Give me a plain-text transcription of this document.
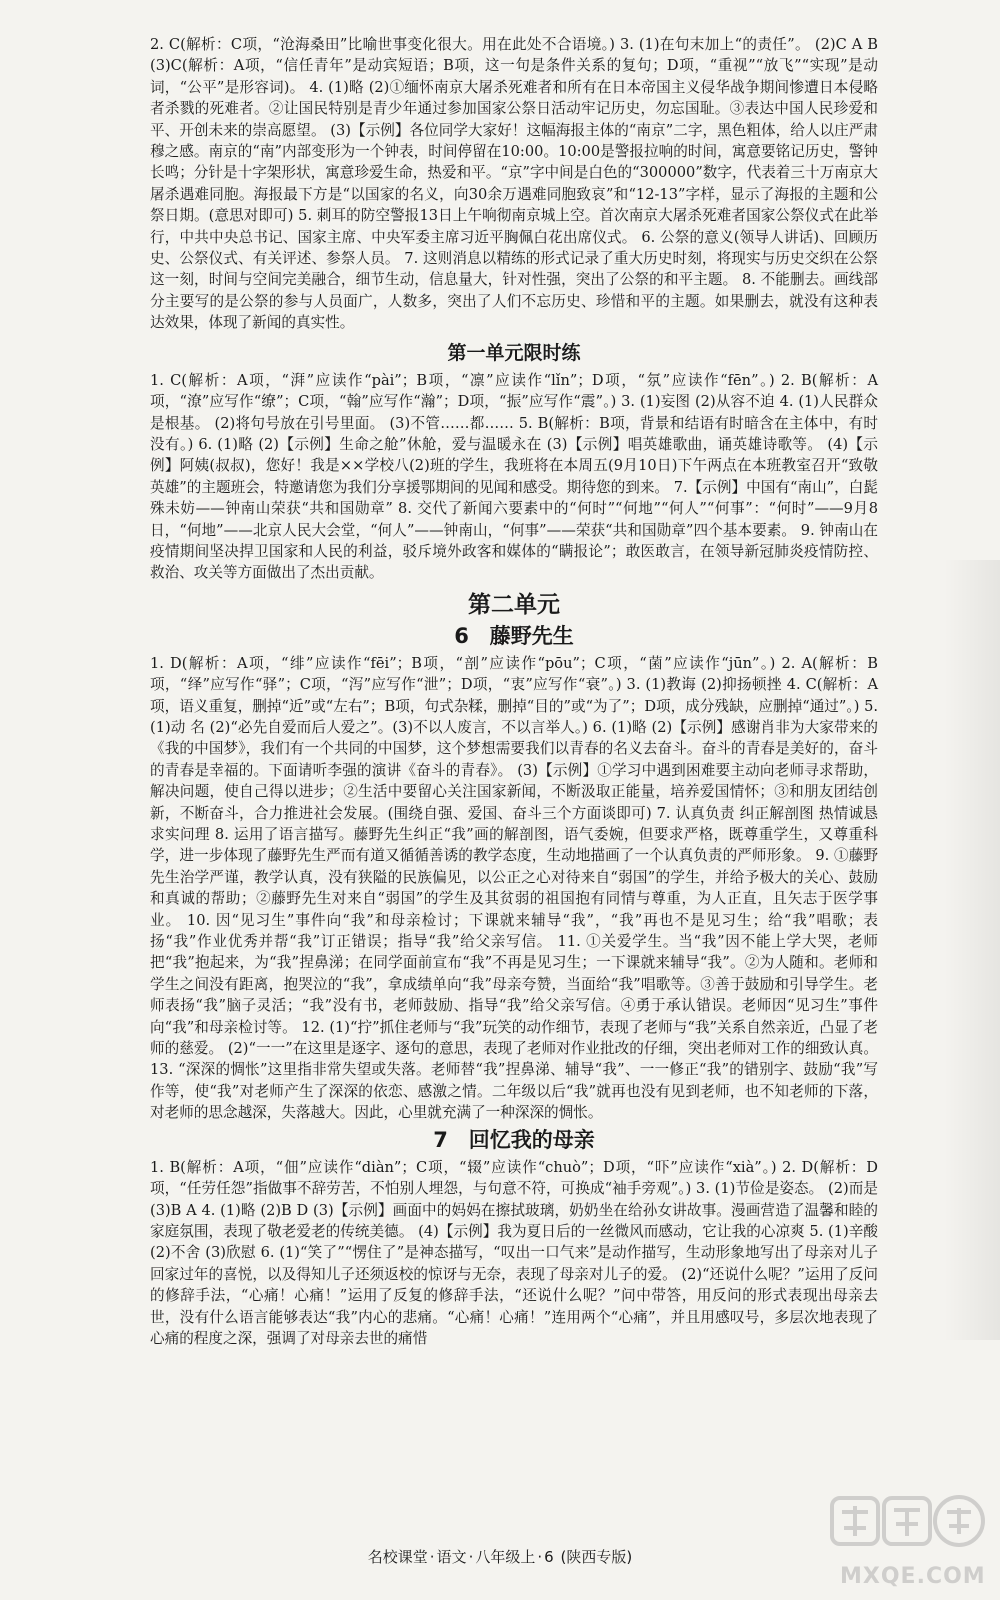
2. C(解析：C项，“沧海桑田”比喻世事变化很大。用在此处不合语境。) 3. (1)在句末加上“的责任”。 (2)C A B (3)C(解析：A项，“信任青年”是动宾短语；B项，这一句是条件关系的复句；D项，“重视”“放飞”“实现”是动词，“公平”是形容词)。 4. (1)略 (2)①缅怀南京大屠杀死难者和所有在日本帝国主义侵华战争期间惨遭日本侵略者杀戮的死难者。②让国民特别是青少年通过参加国家公祭日活动牢记历史，勿忘国耻。③表达中国人民珍爱和平、开创未来的崇高愿望。 (3)【示例】各位同学大家好！这幅海报主体的“南京”二字，黑色粗体，给人以庄严肃穆之感。南京的“南”内部变形为一个钟表，时间停留在10:00。10:00是警报拉响的时间，寓意要铭记历史，警钟长鸣；分针是十字架形状，寓意珍爱生命，热爱和平。“京”字中间是白色的“300000”数字，代表着三十万南京大屠杀遇难同胞。海报最下方是“以国家的名义，向30余万遇难同胞致哀”和“12-13”字样，显示了海报的主题和公祭日期。(意思对即可) 5. 刺耳的防空警报13日上午响彻南京城上空。首次南京大屠杀死难者国家公祭仪式在此举行，中共中央总书记、国家主席、中央军委主席习近平胸佩白花出席仪式。 6. 公祭的意义(领导人讲话)、回顾历史、公祭仪式、有关评述、参祭人员。 7. 这则消息以精练的形式记录了重大历史时刻，将现实与历史交织在公祭这一刻，时间与空间完美融合，细节生动，信息量大，针对性强，突出了公祭的和平主题。 8. 不能删去。画线部分主要写的是公祭的参与人员面广，人数多，突出了人们不忘历史、珍惜和平的主题。如果删去，就没有这种表达效果，体现了新闻的真实性。

第一单元限时练

1. C(解析：A项，“湃”应读作“pài”；B项，“凛”应读作“lǐn”；D项，“氛”应读作“fēn”。) 2. B(解析：A项，“潦”应写作“缭”；C项，“翰”应写作“瀚”；D项，“振”应写作“震”。) 3. (1)妄图 (2)从容不迫 4. (1)人民群众是根基。 (2)将句号放在引号里面。 (3)不管……都…… 5. B(解析：B项，背景和结语有时暗含在主体中，有时没有。) 6. (1)略 (2)【示例】生命之舱”休舱，爱与温暖永在 (3)【示例】唱英雄歌曲，诵英雄诗歌等。 (4)【示例】阿姨(叔叔)，您好！我是××学校八(2)班的学生，我班将在本周五(9月10日)下午两点在本班教室召开“致敬英雄”的主题班会，特邀请您为我们分享援鄂期间的见闻和感受。期待您的到来。 7.【示例】中国有“南山”，白髭殊未妨——钟南山荣获“共和国勋章” 8. 交代了新闻六要素中的“何时”“何地”“何人”“何事”：“何时”——9月8日，“何地”——北京人民大会堂，“何人”——钟南山，“何事”——荣获“共和国勋章”四个基本要素。 9. 钟南山在疫情期间坚决捍卫国家和人民的利益，驳斥境外政客和媒体的“瞒报论”；敢医敢言，在领导新冠肺炎疫情防控、救治、攻关等方面做出了杰出贡献。

第二单元
6　藤野先生

1. D(解析：A项，“绯”应读作“fēi”；B项，“剖”应读作“pōu”；C项，“菌”应读作“jūn”。) 2. A(解析：B项，“绎”应写作“驿”；C项，“泻”应写作“泄”；D项，“衷”应写作“衰”。) 3. (1)教诲 (2)抑扬顿挫 4. C(解析：A项，语义重复，删掉“近”或“左右”；B项，句式杂糅，删掉“目的”或“为了”；D项，成分残缺，应删掉“通过”。) 5. (1)动 名 (2)“必先自爱而后人爱之”。(3)不以人废言，不以言举人。) 6. (1)略 (2)【示例】感谢肖非为大家带来的《我的中国梦》，我们有一个共同的中国梦，这个梦想需要我们以青春的名义去奋斗。奋斗的青春是美好的，奋斗的青春是幸福的。下面请听李强的演讲《奋斗的青春》。 (3)【示例】①学习中遇到困难要主动向老师寻求帮助，解决问题，使自己得以进步；②生活中要留心关注国家新闻，不断汲取正能量，培养爱国情怀；③和朋友团结创新，不断奋斗，合力推进社会发展。(围绕自强、爱国、奋斗三个方面谈即可) 7. 认真负责 纠正解剖图 热情诚恳 求实问理 8. 运用了语言描写。藤野先生纠正“我”画的解剖图，语气委婉，但要求严格，既尊重学生，又尊重科学，进一步体现了藤野先生严而有道又循循善诱的教学态度，生动地描画了一个认真负责的严师形象。 9. ①藤野先生治学严谨，教学认真，没有狭隘的民族偏见，以公正之心对待来自“弱国”的学生，并给予极大的关心、鼓励和真诚的帮助；②藤野先生对来自“弱国”的学生及其贫弱的祖国抱有同情与尊重，为人正直，且矢志于医学事业。 10. 因“见习生”事件向“我”和母亲检讨；下课就来辅导“我”，“我”再也不是见习生；给“我”唱歌；表扬“我”作业优秀并帮“我”订正错误；指导“我”给父亲写信。 11. ①关爱学生。当“我”因不能上学大哭，老师把“我”抱起来，为“我”捏鼻涕；在同学面前宣布“我”不再是见习生；一下课就来辅导“我”。②为人随和。老师和学生之间没有距离，抱哭泣的“我”，拿成绩单向“我”母亲夸赞，当面给“我”唱歌等。③善于鼓励和引导学生。老师表扬“我”脑子灵活；“我”没有书，老师鼓励、指导“我”给父亲写信。④勇于承认错误。老师因“见习生”事件向“我”和母亲检讨等。 12. (1)“拧”抓住老师与“我”玩笑的动作细节，表现了老师与“我”关系自然亲近，凸显了老师的慈爱。 (2)“一一”在这里是逐字、逐句的意思，表现了老师对作业批改的仔细，突出老师对工作的细致认真。 13. “深深的惆怅”这里指非常失望或失落。老师替“我”捏鼻涕、辅导“我”、一一修正“我”的错别字、鼓励“我”写作等，使“我”对老师产生了深深的依恋、感激之情。二年级以后“我”就再也没有见到老师，也不知老师的下落，对老师的思念越深，失落越大。因此，心里就充满了一种深深的惆怅。

7　回忆我的母亲

1. B(解析：A项，“佃”应读作“diàn”；C项，“辍”应读作“chuò”；D项，“吓”应读作“xià”。) 2. D(解析：D项，“任劳任怨”指做事不辞劳苦，不怕别人埋怨，与句意不符，可换成“袖手旁观”。) 3. (1)节俭是姿态。 (2)而是 (3)B A 4. (1)略 (2)B D (3)【示例】画面中的妈妈在擦拭玻璃，奶奶坐在给孙女讲故事。漫画营造了温馨和睦的家庭氛围，表现了敬老爱老的传统美德。 (4)【示例】我为夏日后的一丝微风而感动，它让我的心凉爽 5. (1)辛酸 (2)不舍 (3)欣慰 6. (1)“笑了”“愣住了”是神态描写，“叹出一口气来”是动作描写，生动形象地写出了母亲对儿子回家过年的喜悦，以及得知儿子还须返校的惊讶与无奈，表现了母亲对儿子的爱。 (2)“还说什么呢？”运用了反问的修辞手法，“心痛！心痛！”运用了反复的修辞手法，“还说什么呢？”问中带答，用反问的形式表现出母亲去世，没有什么语言能够表达“我”内心的悲痛。“心痛！心痛！”连用两个“心痛”，并且用感叹号，多层次地表现了心痛的程度之深，强调了对母亲去世的痛惜

名校课堂 · 语文 · 八年级上 · 6 (陕西专版)
MXQE.COM
